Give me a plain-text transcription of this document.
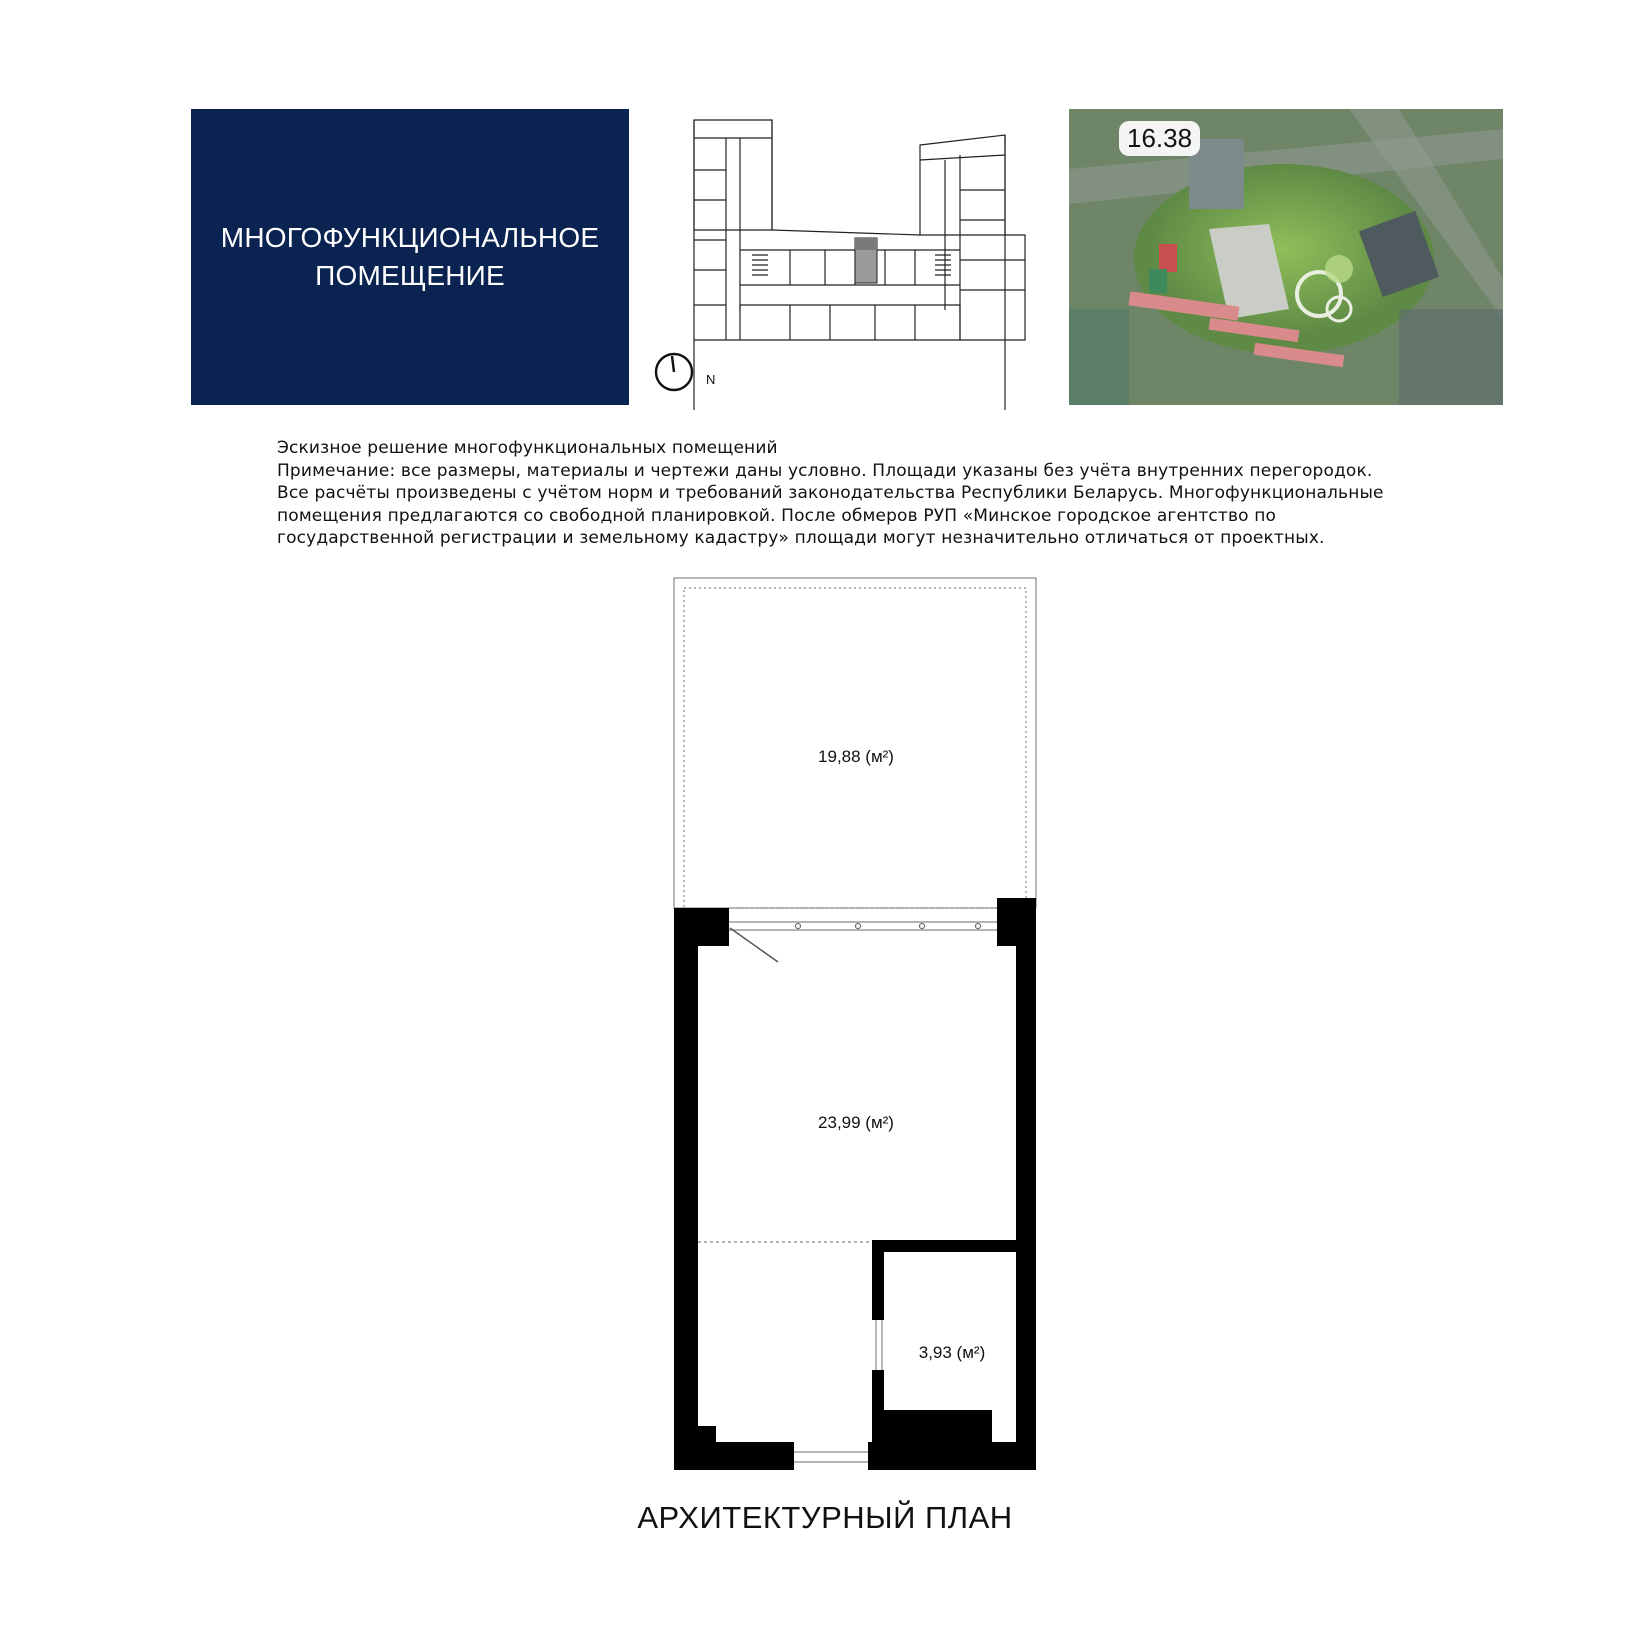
МНОГОФУНКЦИОНАЛЬНОЕ
ПОМЕЩЕНИЕ
N
16.38
Эскизное решение многофункциональных помещений
Примечание: все размеры, материалы и чертежи даны условно. Площади указаны без учёта внутренних перегородок.
Все расчёты произведены с учётом норм и требований законодательства Республики Беларусь. Многофункциональные
помещения предлагаются со свободной планировкой. После обмеров РУП «Минское городское агентство по
государственной регистрации и земельному кадастру» площади могут незначительно отличаться от проектных.
19,88 (м²)
23,99 (м²)
3,93 (м²)
АРХИТЕКТУРНЫЙ ПЛАН
